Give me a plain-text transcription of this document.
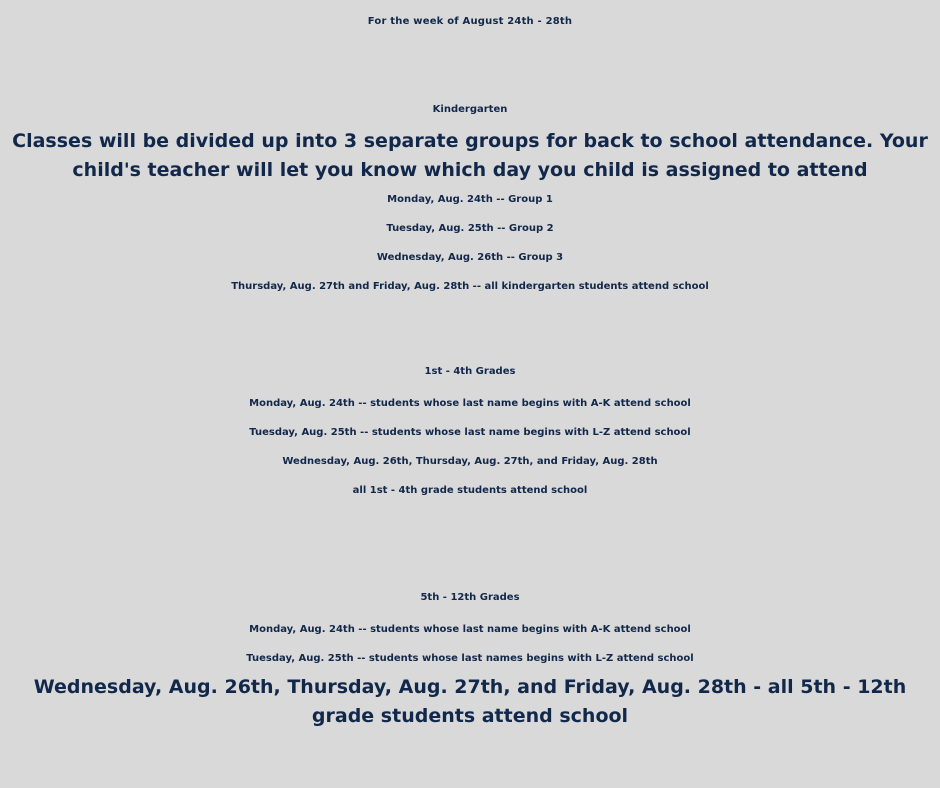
For the week of August 24th - 28th
Kindergarten

Classes will be divided up into 3 separate groups for back to school attendance. Your child's teacher will let you know which day you child is assigned to attend

Monday, Aug. 24th -- Group 1

Tuesday, Aug. 25th -- Group 2

Wednesday, Aug. 26th -- Group 3

Thursday, Aug. 27th and Friday, Aug. 28th -- all kindergarten students attend school

1st - 4th Grades

Monday, Aug. 24th -- students whose last name begins with A-K attend school

Tuesday, Aug. 25th -- students whose last name begins with L-Z attend school

Wednesday, Aug. 26th, Thursday, Aug. 27th, and Friday, Aug. 28th

all 1st - 4th grade students attend school

5th - 12th Grades

Monday, Aug. 24th -- students whose last name begins with A-K attend school

Tuesday, Aug. 25th -- students whose last names begins with L-Z attend school

Wednesday, Aug. 26th, Thursday, Aug. 27th, and Friday, Aug. 28th - all 5th - 12th grade students attend school
